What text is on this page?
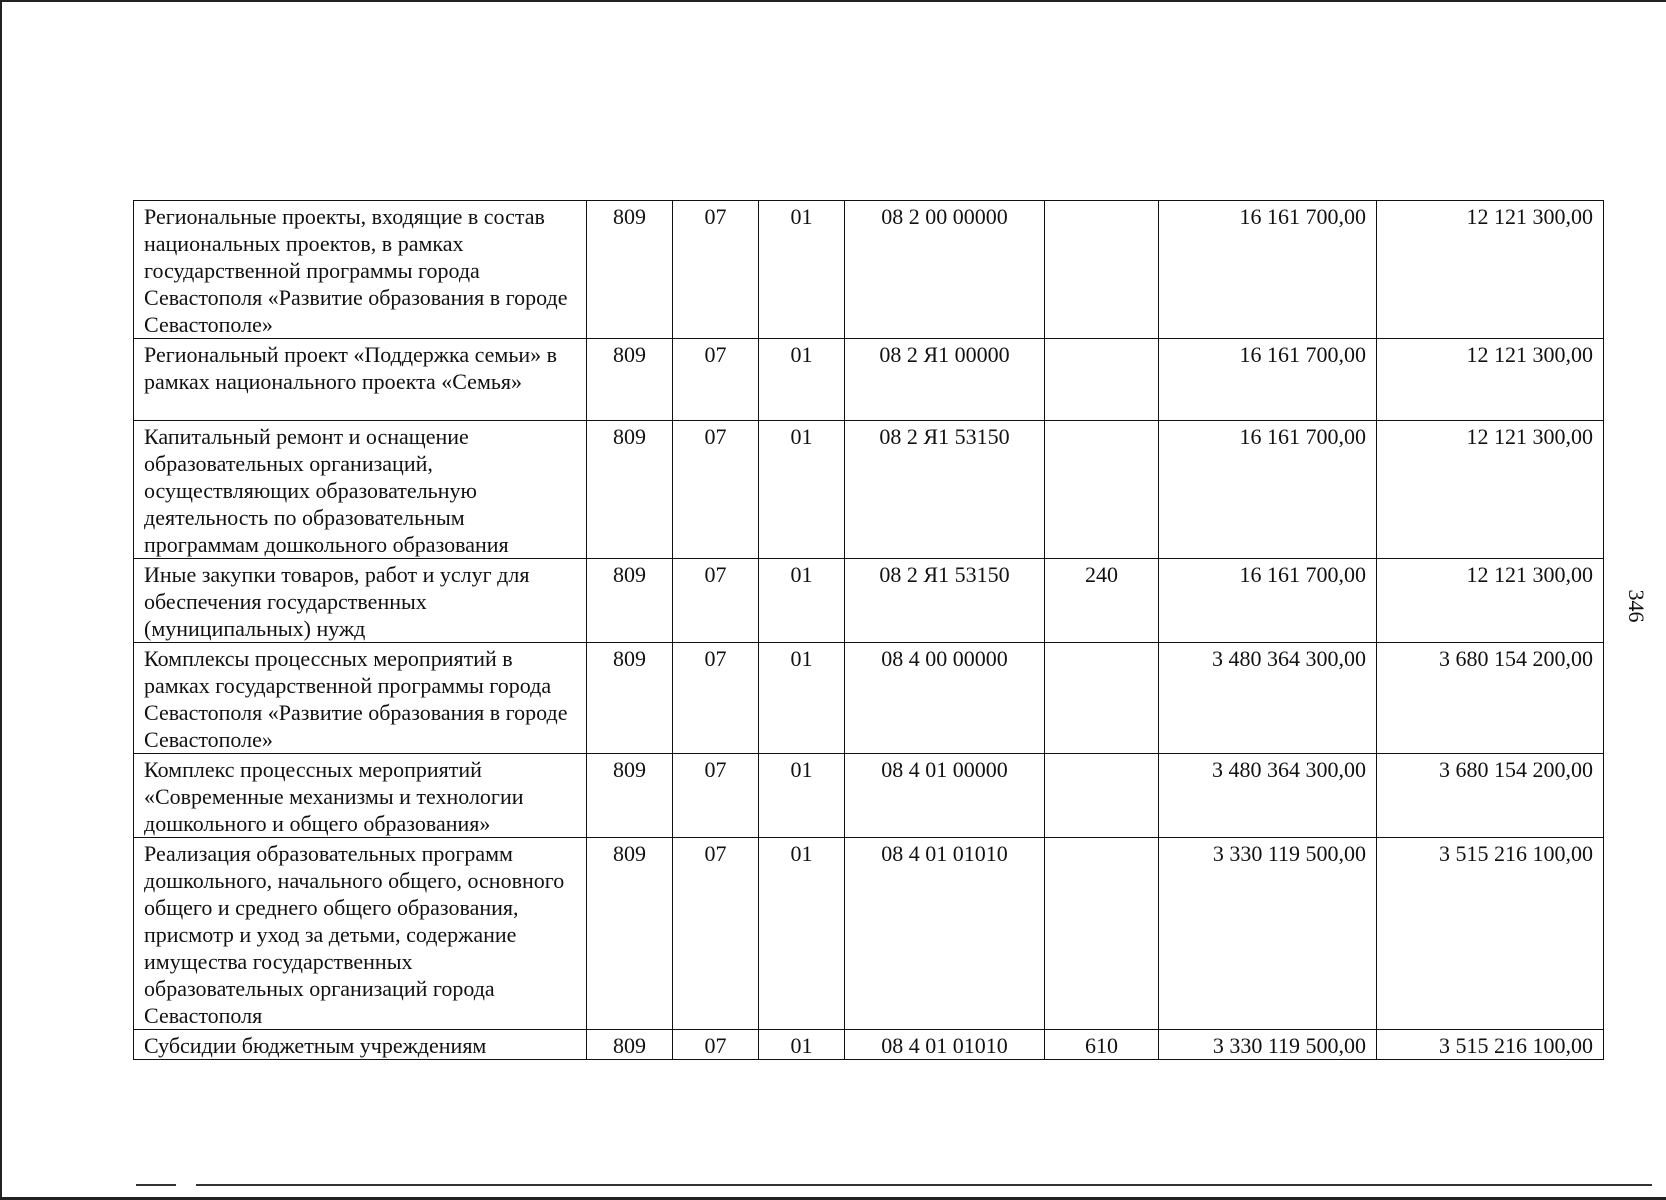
Региональные проекты, входящие в состав национальных проектов, в рамках государственной программы города Севастополя «Развитие образования в городе Севастополе»	809	07	01	08 2 00 00000		16 161 700,00	12 121 300,00
Региональный проект «Поддержка семьи» в рамках национального проекта «Семья»	809	07	01	08 2 Я1 00000		16 161 700,00	12 121 300,00
Капитальный ремонт и оснащение образовательных организаций, осуществляющих образовательную деятельность по образовательным программам дошкольного образования	809	07	01	08 2 Я1 53150		16 161 700,00	12 121 300,00
Иные закупки товаров, работ и услуг для обеспечения государственных (муниципальных) нужд	809	07	01	08 2 Я1 53150	240	16 161 700,00	12 121 300,00
Комплексы процессных мероприятий в рамках государственной программы города Севастополя «Развитие образования в городе Севастополе»	809	07	01	08 4 00 00000		3 480 364 300,00	3 680 154 200,00
Комплекс процессных мероприятий «Современные механизмы и технологии дошкольного и общего образования»	809	07	01	08 4 01 00000		3 480 364 300,00	3 680 154 200,00
Реализация образовательных программ дошкольного, начального общего, основного общего и среднего общего образования, присмотр и уход за детьми, содержание имущества государственных образовательных организаций города Севастополя	809	07	01	08 4 01 01010		3 330 119 500,00	3 515 216 100,00
Субсидии бюджетным учреждениям	809	07	01	08 4 01 01010	610	3 330 119 500,00	3 515 216 100,00
346
